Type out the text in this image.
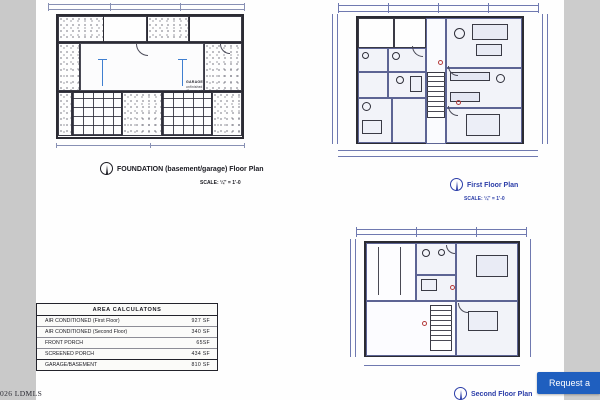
GARAGE
unfinished
FOUNDATION (basement/garage) Floor Plan
SCALE: ¼" = 1'-0	First Floor Plan
SCALE: ¼" = 1'-0
Second Floor Plan
AREA CALCULATONS
AIR CONDITIONED (First Floor)	927 SF
AIR CONDITIONED (Second Floor)	340 SF
FRONT PORCH	65SF
SCREENED PORCH	434 SF
GARAGE/BASEMENT	810 SF
026 LDMLS
Request a
